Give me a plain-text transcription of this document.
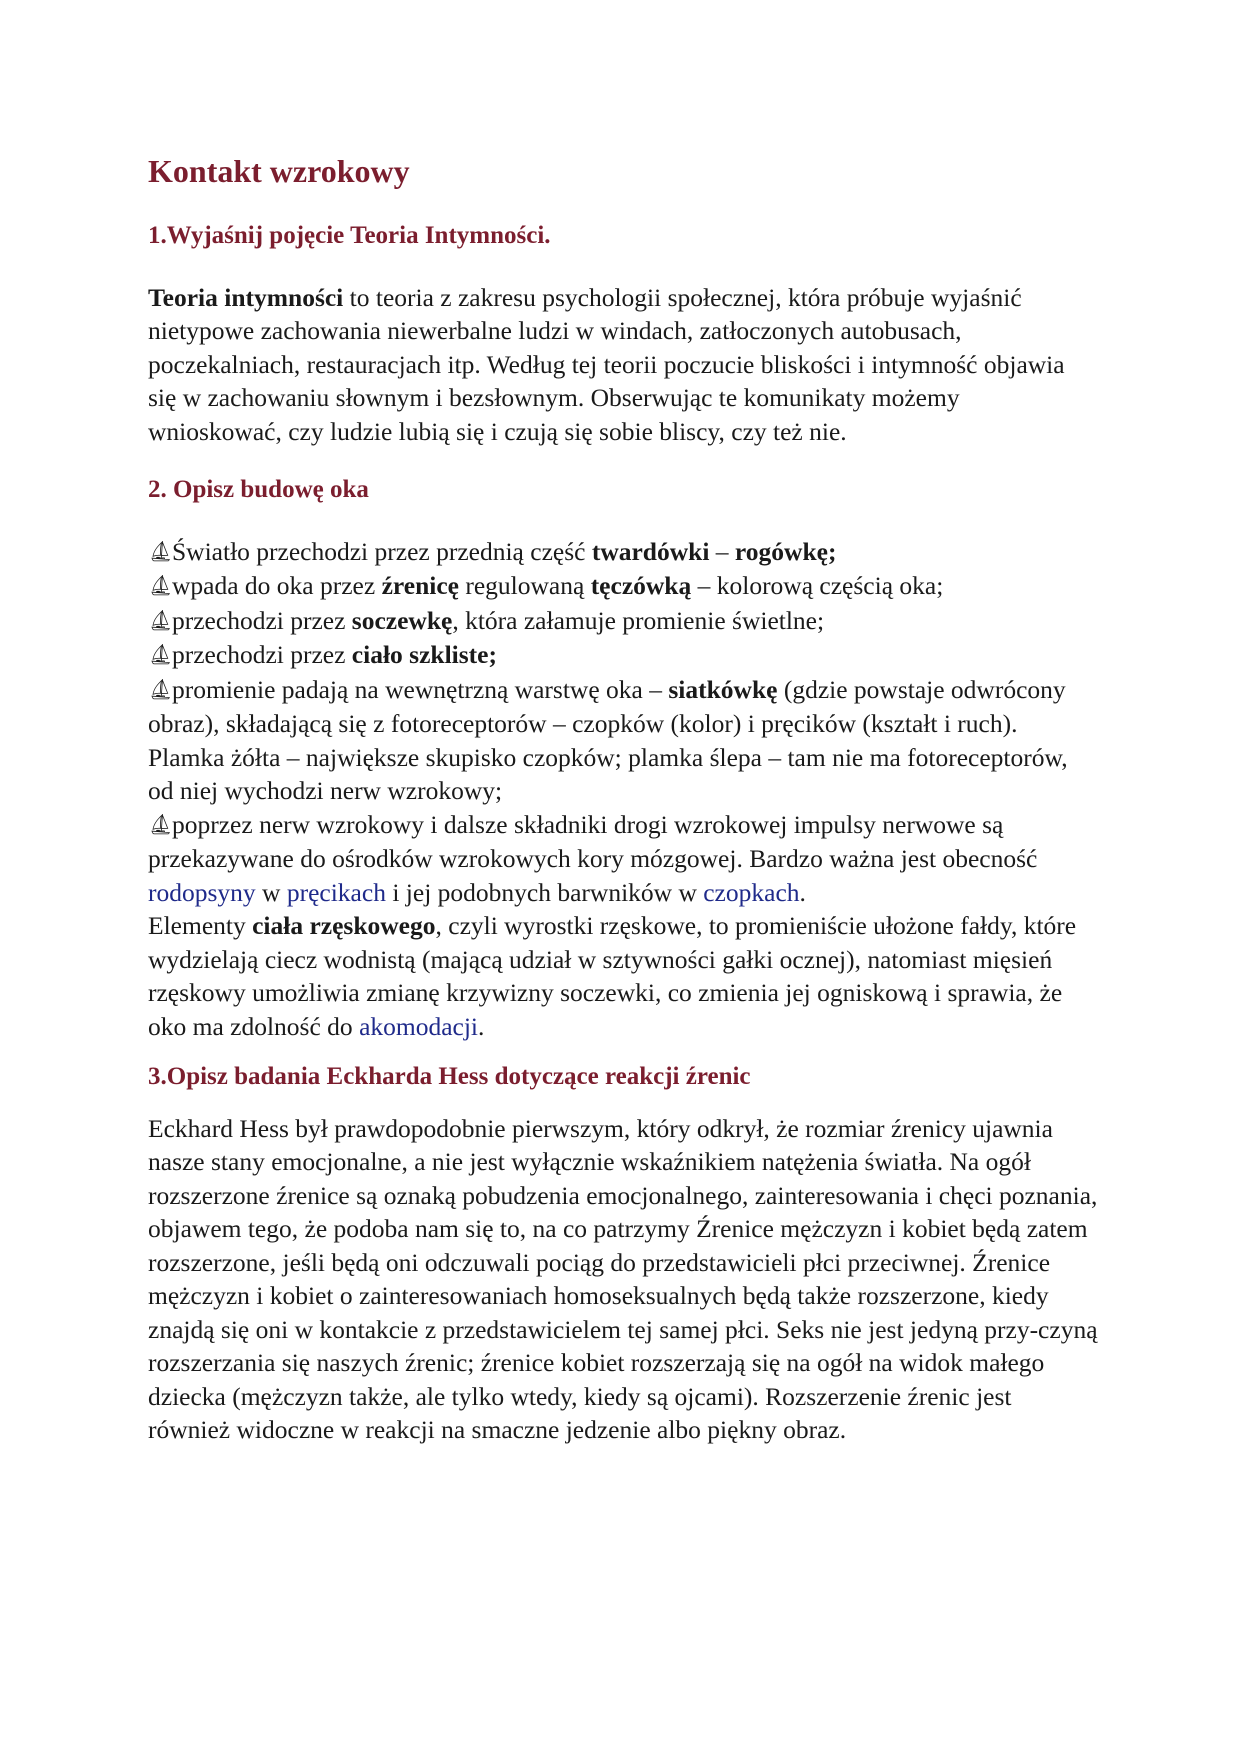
Kontakt wzrokowy
1.Wyjaśnij pojęcie Teoria Intymności.

Teoria intymności to teoria z zakresu psychologii społecznej, która próbuje wyjaśnić nietypowe zachowania niewerbalne ludzi w windach, zatłoczonych autobusach, poczekalniach, restauracjach itp. Według tej teorii poczucie bliskości i intymność objawia się w zachowaniu słownym i bezsłownym. Obserwując te komunikaty możemy wnioskować, czy ludzie lubią się i czują się sobie bliscy, czy też nie.

2. Opisz budowę oka

⛵︎Światło przechodzi przez przednią część twardówki – rogówkę;
⛵︎wpada do oka przez źrenicę regulowaną tęczówką – kolorową częścią oka;
⛵︎przechodzi przez soczewkę, która załamuje promienie świetlne;
⛵︎przechodzi przez ciało szkliste;
⛵︎promienie padają na wewnętrzną warstwę oka – siatkówkę (gdzie powstaje odwrócony obraz), składającą się z fotoreceptorów – czopków (kolor) i pręcików (kształt i ruch). Plamka żółta – największe skupisko czopków; plamka ślepa – tam nie ma fotoreceptorów, od niej wychodzi nerw wzrokowy;
⛵︎poprzez nerw wzrokowy i dalsze składniki drogi wzrokowej impulsy nerwowe są przekazywane do ośrodków wzrokowych kory mózgowej. Bardzo ważna jest obecność rodopsyny w pręcikach i jej podobnych barwników w czopkach.
Elementy ciała rzęskowego, czyli wyrostki rzęskowe, to promieniście ułożone fałdy, które wydzielają ciecz wodnistą (mającą udział w sztywności gałki ocznej), natomiast mięsień rzęskowy umożliwia zmianę krzywizny soczewki, co zmienia jej ogniskową i sprawia, że oko ma zdolność do akomodacji.

3.Opisz badania Eckharda Hess dotyczące reakcji źrenic

Eckhard Hess był prawdopodobnie pierwszym, który odkrył, że rozmiar źrenicy ujawnia nasze stany emocjonalne, a nie jest wyłącznie wskaźnikiem natężenia światła. Na ogół rozszerzone źrenice są oznaką pobudzenia emocjonalnego, zainteresowania i chęci poznania, objawem tego, że podoba nam się to, na co patrzymy Źrenice mężczyzn i kobiet będą zatem rozszerzone, jeśli będą oni odczuwali pociąg do przedstawicieli płci przeciwnej. Źrenice mężczyzn i kobiet o zainteresowaniach homoseksualnych będą także rozszerzone, kiedy znajdą się oni w kontakcie z przedstawicielem tej samej płci. Seks nie jest jedyną przy-czyną rozszerzania się naszych źrenic; źrenice kobiet rozszerzają się na ogół na widok małego dziecka (mężczyzn także, ale tylko wtedy, kiedy są ojcami). Rozszerzenie źrenic jest również widoczne w reakcji na smaczne jedzenie albo piękny obraz.
